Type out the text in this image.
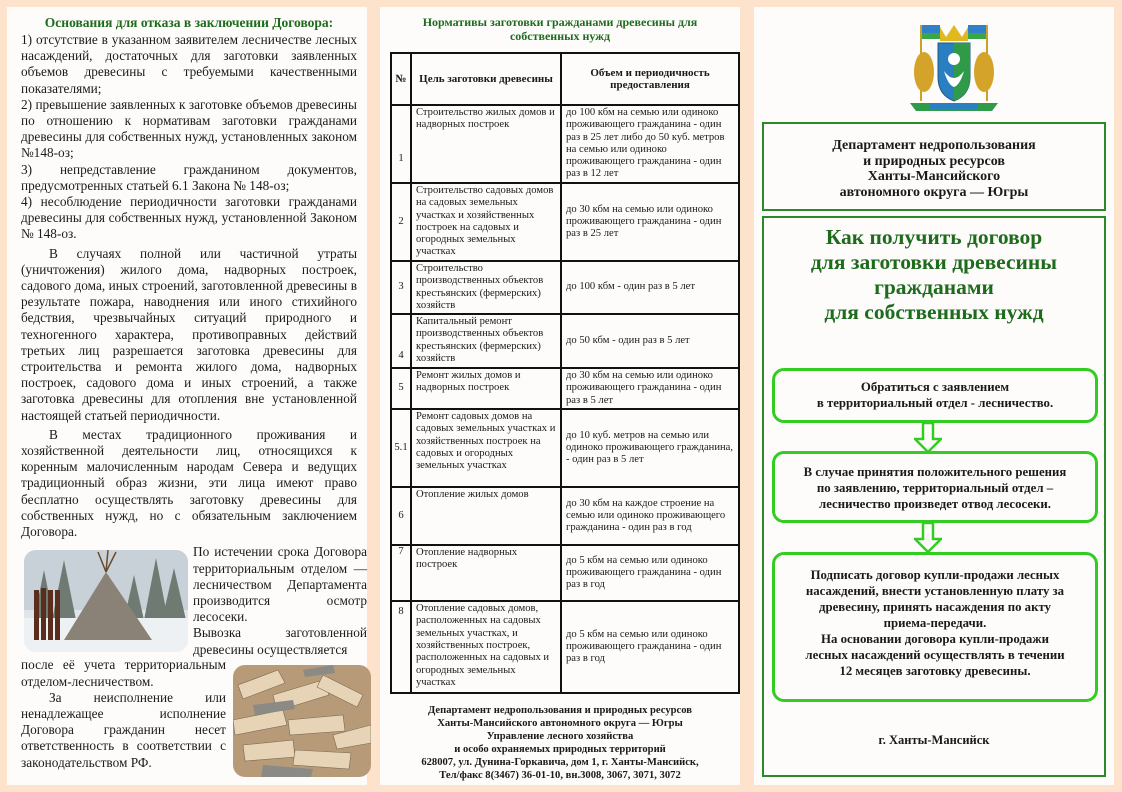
Основания для отказа в заключении Договора:

1) отсутствие в указанном заявителем лесничестве лесных насаждений, достаточных для заготовки заявленных объемов древесины с требуемыми качественными показателями;

2) превышение заявленных к заготовке объемов древесины по отношению к нормативам заготовки гражданами древесины для собственных нужд, установленных законом №148-оз;

3) непредставление гражданином документов, предусмотренных статьей 6.1 Закона № 148-оз;

4) несоблюдение периодичности заготовки гражданами древесины для собственных нужд, установленной Законом № 148-оз.

В случаях полной или частичной утраты (уничтожения) жилого дома, надворных построек, садового дома, иных строений, заготовленной древесины в результате пожара, наводнения или иного стихийного бедствия, чрезвычайных ситуаций природного и техногенного характера, противоправных действий третьих лиц разрешается заготовка древесины для строительства и ремонта жилого дома, надворных построек, садового дома и иных строений, а также заготовка древесины для отопления вне установленной настоящей статьей периодичности.

В местах традиционного проживания и хозяйственной деятельности лиц, относящихся к коренным малочисленным народам Севера и ведущих традиционный образ жизни, эти лица имеют право бесплатно осуществлять заготовку древесины для собственных нужд, но с обязательным заключением Договора.

По истечении срока Договора территориальным отделом — лесничеством Департамента производится осмотр лесосеки.

Вывозка заготовленной древесины осуществляется

после её учета территориальным отделом-лесничеством.

За неисполнение или ненадлежащее исполнение Договора гражданин несет ответственность в соответствии с законодательством РФ.

Нормативы заготовки гражданами древесины для собственных нужд
№	Цель заготовки древесины	Объем и периодичность предоставления
1	Строительство жилых домов и надворных построек	до 100 кбм на семью или одиноко проживающего гражданина - один раз в 25 лет либо до 50 куб. метров на семью или одиноко проживающего гражданина - один раз в 12 лет
2	Строительство садовых домов на садовых земельных участках и хозяйственных построек на садовых и огородных земельных участках	до 30 кбм на семью или одиноко проживающего гражданина - один раз в 25 лет
3	Строительство производственных объектов крестьянских (фермерских) хозяйств	до 100 кбм - один раз в 5 лет
4	Капитальный ремонт производственных объектов крестьянских (фермерских) хозяйств	до 50 кбм - один раз в 5 лет
5	Ремонт жилых домов и надворных построек	до 30 кбм на семью или одиноко проживающего гражданина - один раз в 5 лет
5.1	Ремонт садовых домов на садовых земельных участках и хозяйственных построек на садовых и огородных земельных участках	до 10 куб. метров на семью или одиноко проживающего гражданина, - один раз в 5 лет
6	Отопление жилых домов	до 30 кбм на каждое строение на семью или одиноко проживающего гражданина - один раз в год
7	Отопление надворных построек	до 5 кбм на семью или одиноко проживающего гражданина - один раз в год
8	Отопление садовых домов, расположенных на садовых земельных участках, и хозяйственных построек, расположенных на садовых и огородных земельных участках	до 5 кбм на семью или одиноко проживающего гражданина - один раз в год
Департамент недропользования и природных ресурсов
Ханты-Мансийского автономного округа — Югры
Управление лесного хозяйства
и особо охраняемых природных территорий
628007, ул. Дунина-Горкавича, дом 1, г. Ханты-Мансийск,
Тел/факс 8(3467) 36-01-10, вн.3008, 3067, 3071, 3072
Департамент недропользования
и природных ресурсов
Ханты-Мансийского
автономного округа — Югры
Как получить договор
для заготовки древесины
гражданами
для собственных нужд
Обратиться с заявлением
в территориальный отдел - лесничество.
В случае принятия положительного решения
по заявлению, территориальный отдел –
лесничество произведет отвод лесосеки.
Подписать договор купли-продажи лесных
насаждений, внести установленную плату за
древесину, принять насаждения по акту
приема-передачи.
На основании договора купли-продажи
лесных насаждений осуществлять в течении
12 месяцев заготовку древесины.
г. Ханты-Мансийск
